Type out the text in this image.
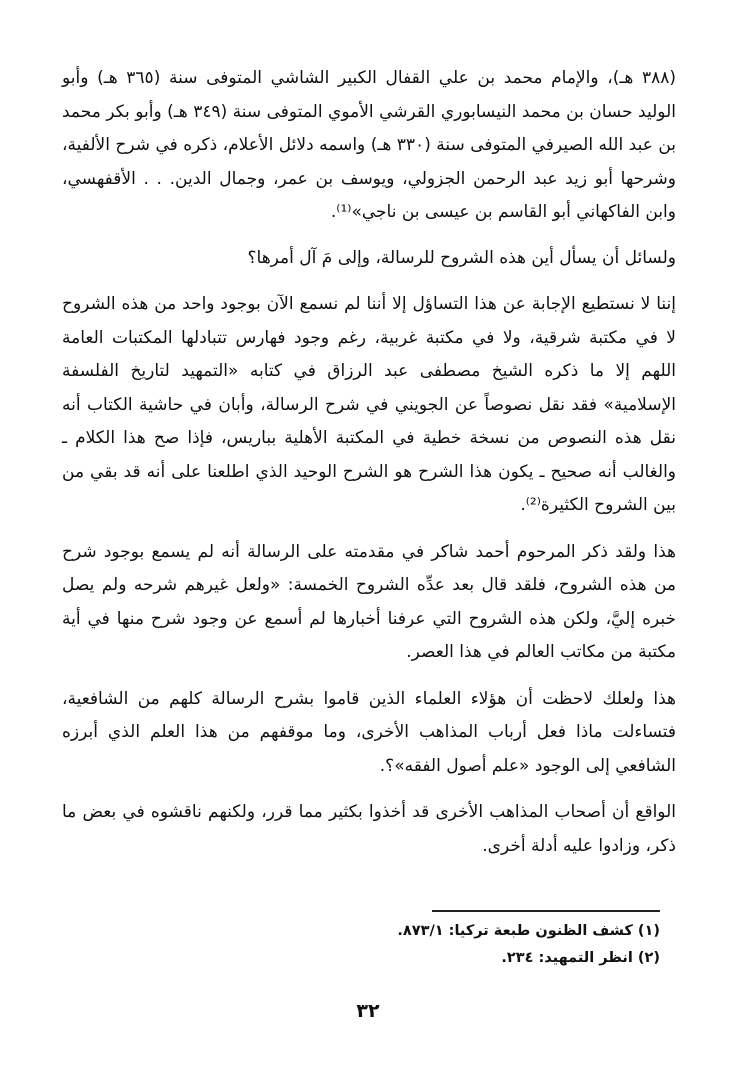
(٣٨٨ هـ)، والإمام محمد بن علي القفال الكبير الشاشي المتوفى سنة (٣٦٥ هـ) وأبو الوليد حسان بن محمد النيسابوري القرشي الأموي المتوفى سنة (٣٤٩ هـ) وأبو بكر محمد بن عبد الله الصيرفي المتوفى سنة (٣٣٠ هـ) واسمه دلائل الأعلام، ذكره في شرح الألفية، وشرحها أبو زيد عبد الرحمن الجزولي، ويوسف بن عمر، وجمال الدين. . . الأقفهسي، وابن الفاكهاني أبو القاسم بن عيسى بن ناجي»⁽¹⁾.

ولسائل أن يسأل أين هذه الشروح للرسالة، وإلى مَ آل أمرها؟

إننا لا نستطيع الإجابة عن هذا التساؤل إلا أننا لم نسمع الآن بوجود واحد من هذه الشروح لا في مكتبة شرقية، ولا في مكتبة غربية، رغم وجود فهارس تتبادلها المكتبات العامة اللهم إلا ما ذكره الشيخ مصطفى عبد الرزاق في كتابه «التمهيد لتاريخ الفلسفة الإسلامية» فقد نقل نصوصاً عن الجويني في شرح الرسالة، وأبان في حاشية الكتاب أنه نقل هذه النصوص من نسخة خطية في المكتبة الأهلية بباريس، فإذا صح هذا الكلام ـ والغالب أنه صحيح ـ يكون هذا الشرح هو الشرح الوحيد الذي اطلعنا على أنه قد بقي من بين الشروح الكثيرة⁽²⁾.

هذا ولقد ذكر المرحوم أحمد شاكر في مقدمته على الرسالة أنه لم يسمع بوجود شرح من هذه الشروح، فلقد قال بعد عدِّه الشروح الخمسة: «ولعل غيرهم شرحه ولم يصل خبره إليَّ، ولكن هذه الشروح التي عرفنا أخبارها لم أسمع عن وجود شرح منها في أية مكتبة من مكاتب العالم في هذا العصر.

هذا ولعلك لاحظت أن هؤلاء العلماء الذين قاموا بشرح الرسالة كلهم من الشافعية، فتساءلت ماذا فعل أرباب المذاهب الأخرى، وما موقفهم من هذا العلم الذي أبرزه الشافعي إلى الوجود «علم أصول الفقه»؟.

الواقع أن أصحاب المذاهب الأخرى قد أخذوا بكثير مما قرر، ولكنهم ناقشوه في بعض ما ذكر، وزادوا عليه أدلة أخرى.

(١) كشف الظنون طبعة تركيا: ٨٧٣/١.
(٢) انظر التمهيد: ٢٣٤.
٣٢
